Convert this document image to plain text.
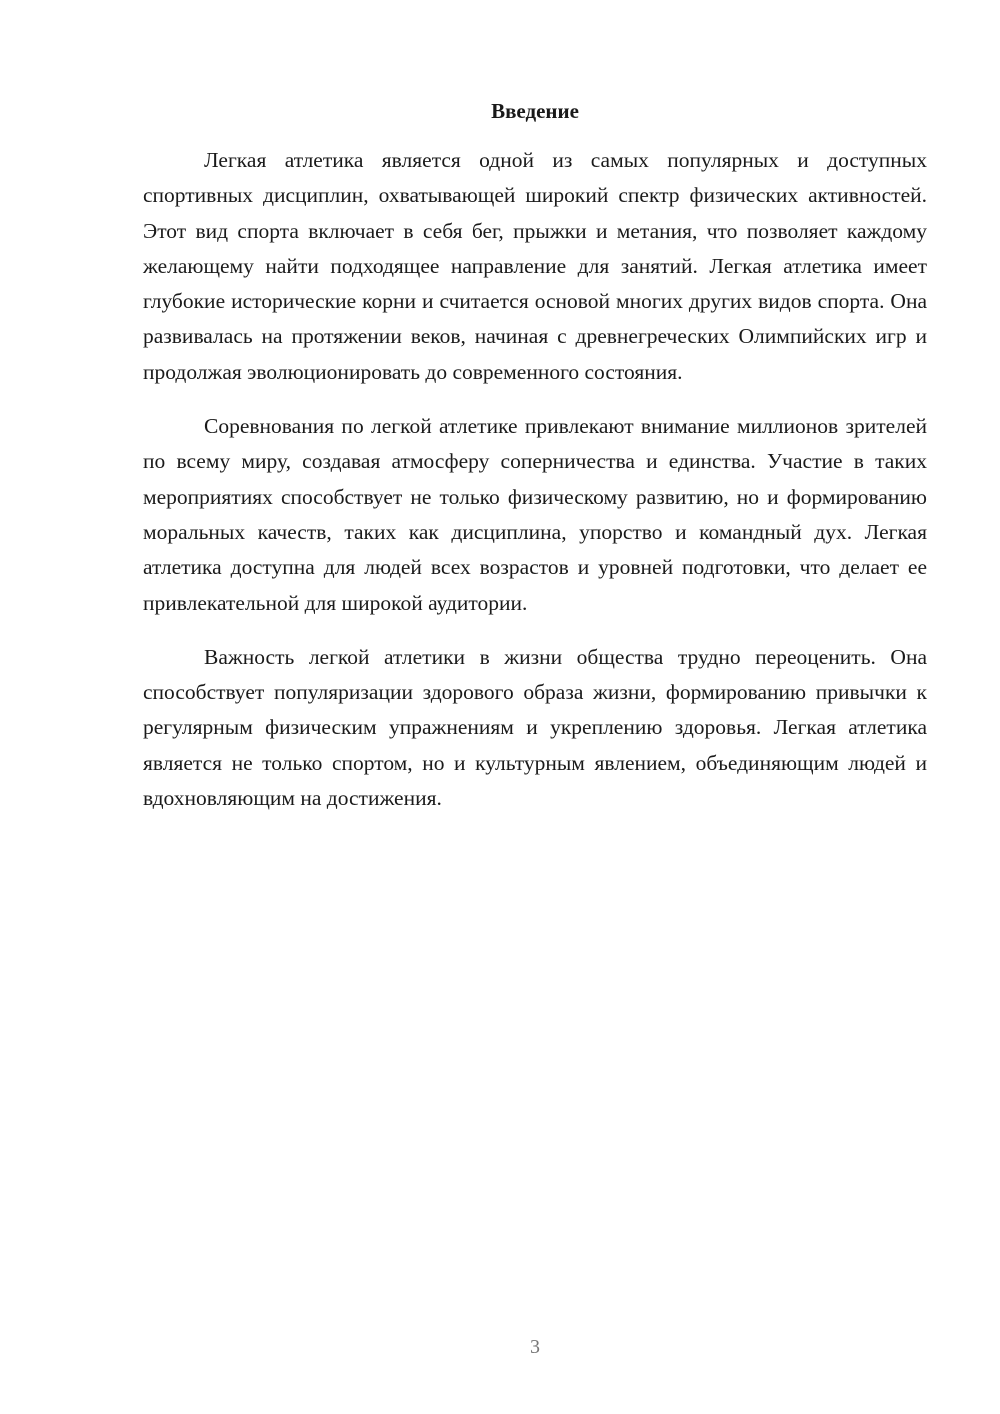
Введение

Легкая атлетика является одной из самых популярных и доступных спортивных дисциплин, охватывающей широкий спектр физических активностей. Этот вид спорта включает в себя бег, прыжки и метания, что позволяет каждому желающему найти подходящее направление для занятий. Легкая атлетика имеет глубокие исторические корни и считается основой многих других видов спорта. Она развивалась на протяжении веков, начиная с древнегреческих Олимпийских игр и продолжая эволюционировать до современного состояния.

Соревнования по легкой атлетике привлекают внимание миллионов зрителей по всему миру, создавая атмосферу соперничества и единства. Участие в таких мероприятиях способствует не только физическому развитию, но и формированию моральных качеств, таких как дисциплина, упорство и командный дух. Легкая атлетика доступна для людей всех возрастов и уровней подготовки, что делает ее привлекательной для широкой аудитории.

Важность легкой атлетики в жизни общества трудно переоценить. Она способствует популяризации здорового образа жизни, формированию привычки к регулярным физическим упражнениям и укреплению здоровья. Легкая атлетика является не только спортом, но и культурным явлением, объединяющим людей и вдохновляющим на достижения.

3
